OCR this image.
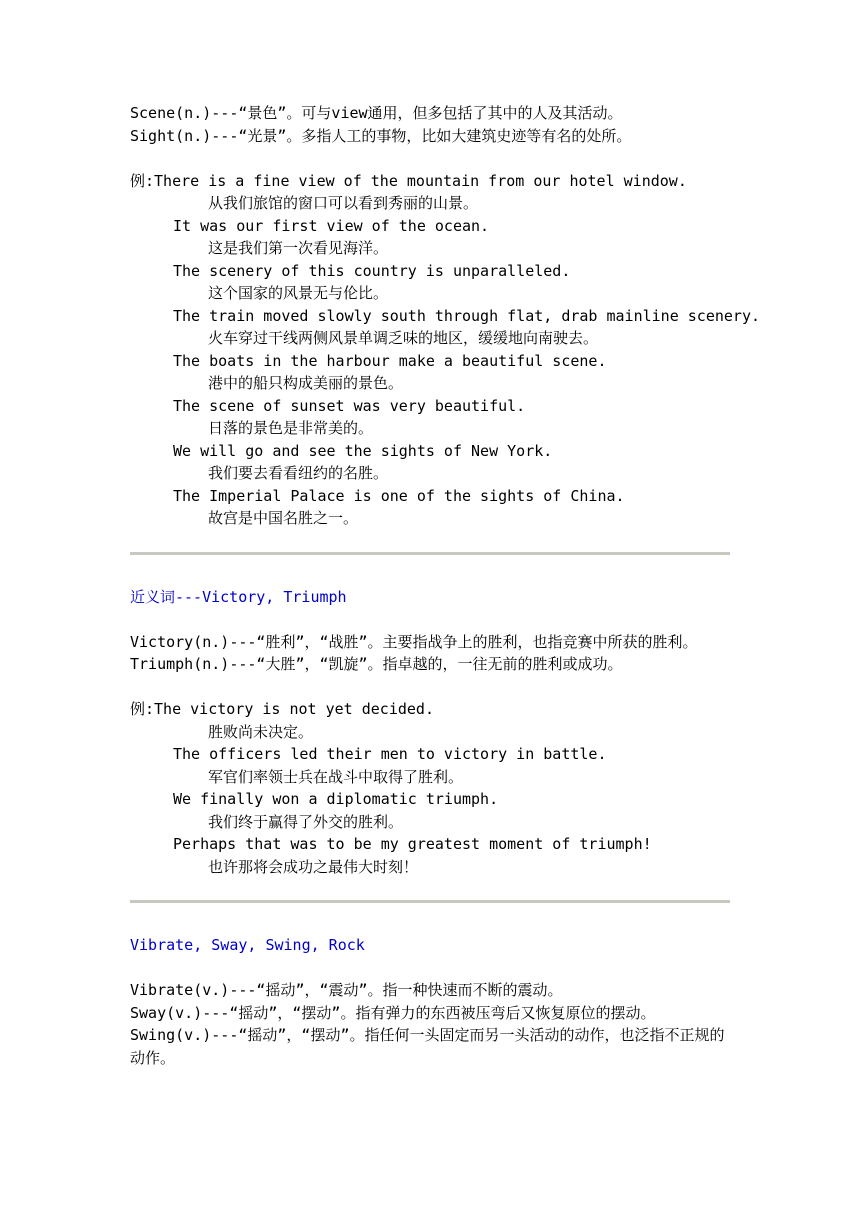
Scene(n.)---“景色”。可与view通用，但多包括了其中的人及其活动。
Sight(n.)---“光景”。多指人工的事物，比如大建筑史迹等有名的处所。
例:There is a fine view of the mountain from our hotel window.
从我们旅馆的窗口可以看到秀丽的山景。
It was our first view of the ocean.
这是我们第一次看见海洋。
The scenery of this country is unparalleled.
这个国家的风景无与伦比。
The train moved slowly south through flat, drab mainline scenery.
火车穿过干线两侧风景单调乏味的地区，缓缓地向南驶去。
The boats in the harbour make a beautiful scene.
港中的船只构成美丽的景色。
The scene of sunset was very beautiful.
日落的景色是非常美的。
We will go and see the sights of New York.
我们要去看看纽约的名胜。
The Imperial Palace is one of the sights of China.
故宫是中国名胜之一。
近义词---Victory, Triumph
Victory(n.)---“胜利”，“战胜”。主要指战争上的胜利，也指竞赛中所获的胜利。
Triumph(n.)---“大胜”，“凯旋”。指卓越的，一往无前的胜利或成功。
例:The victory is not yet decided.
胜败尚未决定。
The officers led their men to victory in battle.
军官们率领士兵在战斗中取得了胜利。
We finally won a diplomatic triumph.
我们终于赢得了外交的胜利。
Perhaps that was to be my greatest moment of triumph!
也许那将会成功之最伟大时刻！
Vibrate, Sway, Swing, Rock
Vibrate(v.)---“摇动”，“震动”。指一种快速而不断的震动。
Sway(v.)---“摇动”，“摆动”。指有弹力的东西被压弯后又恢复原位的摆动。
Swing(v.)---“摇动”，“摆动”。指任何一头固定而另一头活动的动作，也泛指不正规的动作。
